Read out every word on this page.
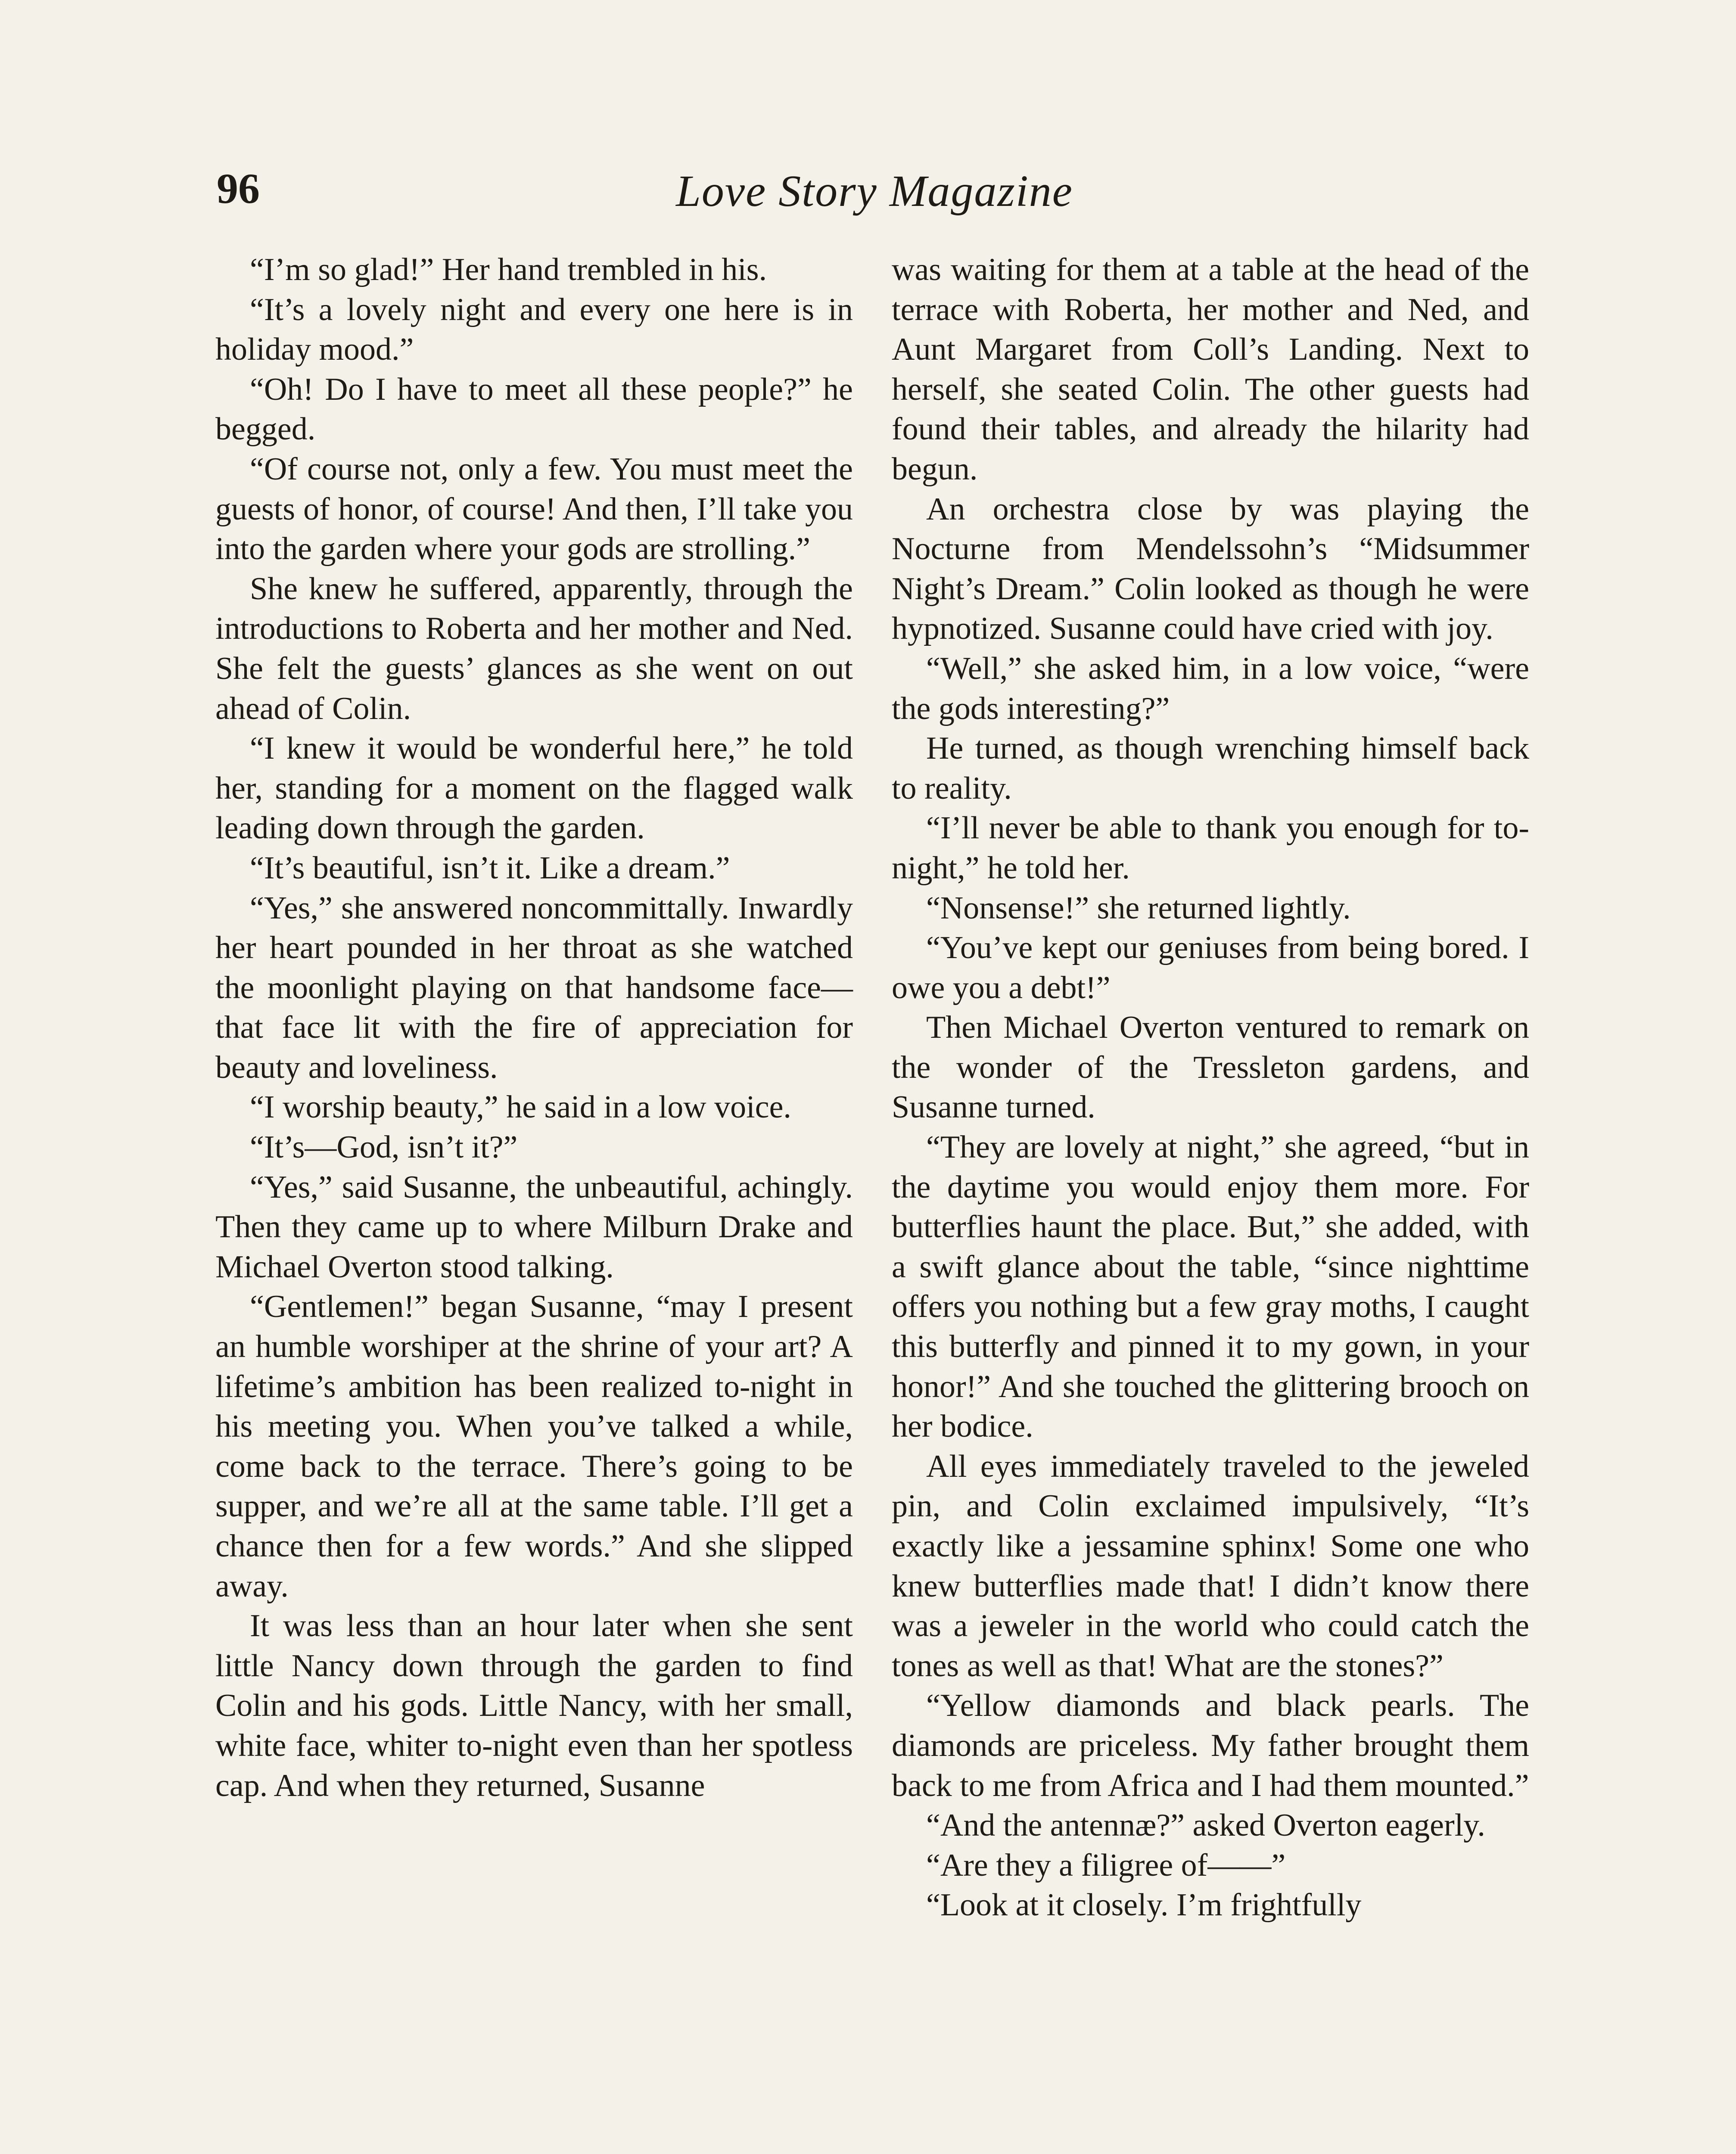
96	Love Story Magazine

“I’m so glad!” Her hand trembled in his.

“It’s a lovely night and every one here is in holiday mood.”

“Oh! Do I have to meet all these people?” he begged.

“Of course not, only a few. You must meet the guests of honor, of course! And then, I’ll take you into the garden where your gods are strolling.”

She knew he suffered, apparently, through the introductions to Roberta and her mother and Ned. She felt the guests’ glances as she went on out ahead of Colin.

“I knew it would be wonderful here,” he told her, standing for a moment on the flagged walk leading down through the garden.

“It’s beautiful, isn’t it. Like a dream.”

“Yes,” she answered noncommittally. Inwardly her heart pounded in her throat as she watched the moonlight playing on that handsome face—that face lit with the fire of appreciation for beauty and loveliness.

“I worship beauty,” he said in a low voice.

“It’s—God, isn’t it?”

“Yes,” said Susanne, the unbeautiful, achingly. Then they came up to where Milburn Drake and Michael Overton stood talking.

“Gentlemen!” began Susanne, “may I present an humble worshiper at the shrine of your art? A lifetime’s ambition has been realized to-night in his meeting you. When you’ve talked a while, come back to the terrace. There’s going to be supper, and we’re all at the same table. I’ll get a chance then for a few words.” And she slipped away.

It was less than an hour later when she sent little Nancy down through the garden to find Colin and his gods. Little Nancy, with her small, white face, whiter to-night even than her spotless cap. And when they returned, Susanne

was waiting for them at a table at the head of the terrace with Roberta, her mother and Ned, and Aunt Margaret from Coll’s Landing. Next to herself, she seated Colin. The other guests had found their tables, and already the hilarity had begun.

An orchestra close by was playing the Nocturne from Mendelssohn’s “Midsummer Night’s Dream.” Colin looked as though he were hypnotized. Susanne could have cried with joy.

“Well,” she asked him, in a low voice, “were the gods interesting?”

He turned, as though wrenching himself back to reality.

“I’ll never be able to thank you enough for to-night,” he told her.

“Nonsense!” she returned lightly.

“You’ve kept our geniuses from being bored. I owe you a debt!”

Then Michael Overton ventured to remark on the wonder of the Tressleton gardens, and Susanne turned.

“They are lovely at night,” she agreed, “but in the daytime you would enjoy them more. For butterflies haunt the place. But,” she added, with a swift glance about the table, “since nighttime offers you nothing but a few gray moths, I caught this butterfly and pinned it to my gown, in your honor!” And she touched the glittering brooch on her bodice.

All eyes immediately traveled to the jeweled pin, and Colin exclaimed impulsively, “It’s exactly like a jessamine sphinx! Some one who knew butterflies made that! I didn’t know there was a jeweler in the world who could catch the tones as well as that! What are the stones?”

“Yellow diamonds and black pearls. The diamonds are priceless. My father brought them back to me from Africa and I had them mounted.”

“And the antennæ?” asked Overton eagerly.

“Are they a filigree of——”

“Look at it closely. I’m frightfully
